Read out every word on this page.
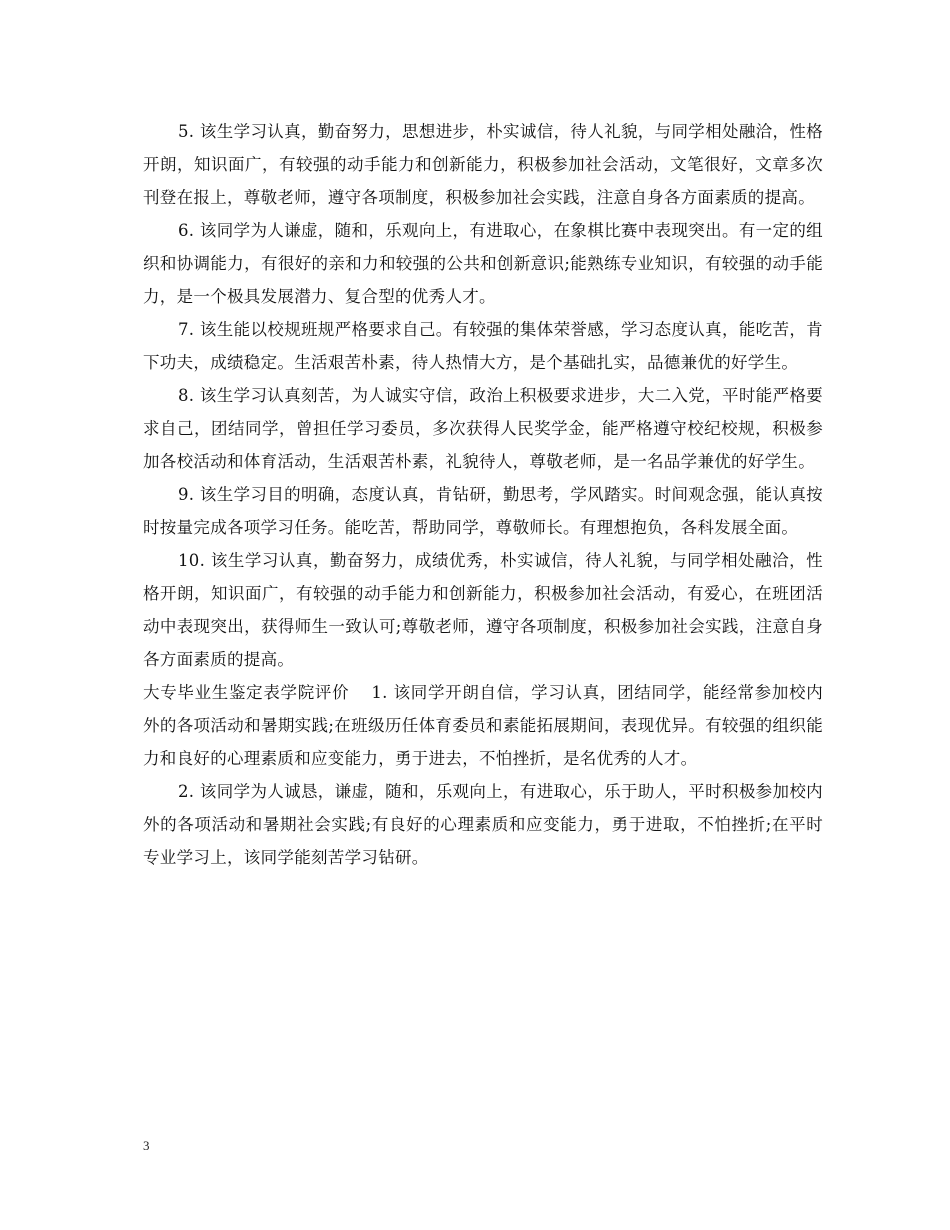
5. 该生学习认真，勤奋努力，思想进步，朴实诚信，待人礼貌，与同学相处融洽，性格开朗，知识面广，有较强的动手能力和创新能力，积极参加社会活动，文笔很好，文章多次刊登在报上，尊敬老师，遵守各项制度，积极参加社会实践，注意自身各方面素质的提高。

6. 该同学为人谦虚，随和，乐观向上，有进取心，在象棋比赛中表现突出。有一定的组织和协调能力，有很好的亲和力和较强的公共和创新意识;能熟练专业知识，有较强的动手能力，是一个极具发展潜力、复合型的优秀人才。

7. 该生能以校规班规严格要求自己。有较强的集体荣誉感，学习态度认真，能吃苦，肯下功夫，成绩稳定。生活艰苦朴素，待人热情大方，是个基础扎实，品德兼优的好学生。

8. 该生学习认真刻苦，为人诚实守信，政治上积极要求进步，大二入党，平时能严格要求自己，团结同学，曾担任学习委员，多次获得人民奖学金，能严格遵守校纪校规，积极参加各校活动和体育活动，生活艰苦朴素，礼貌待人，尊敬老师，是一名品学兼优的好学生。

9. 该生学习目的明确，态度认真，肯钻研，勤思考，学风踏实。时间观念强，能认真按时按量完成各项学习任务。能吃苦，帮助同学，尊敬师长。有理想抱负，各科发展全面。

10. 该生学习认真，勤奋努力，成绩优秀，朴实诚信，待人礼貌，与同学相处融洽，性格开朗，知识面广，有较强的动手能力和创新能力，积极参加社会活动，有爱心，在班团活动中表现突出，获得师生一致认可;尊敬老师，遵守各项制度，积极参加社会实践，注意自身各方面素质的提高。

大专毕业生鉴定表学院评价 1. 该同学开朗自信，学习认真，团结同学，能经常参加校内外的各项活动和暑期实践;在班级历任体育委员和素能拓展期间，表现优异。有较强的组织能力和良好的心理素质和应变能力，勇于进去，不怕挫折，是名优秀的人才。

2. 该同学为人诚恳，谦虚，随和，乐观向上，有进取心，乐于助人，平时积极参加校内外的各项活动和暑期社会实践;有良好的心理素质和应变能力，勇于进取，不怕挫折;在平时专业学习上，该同学能刻苦学习钻研。

3
